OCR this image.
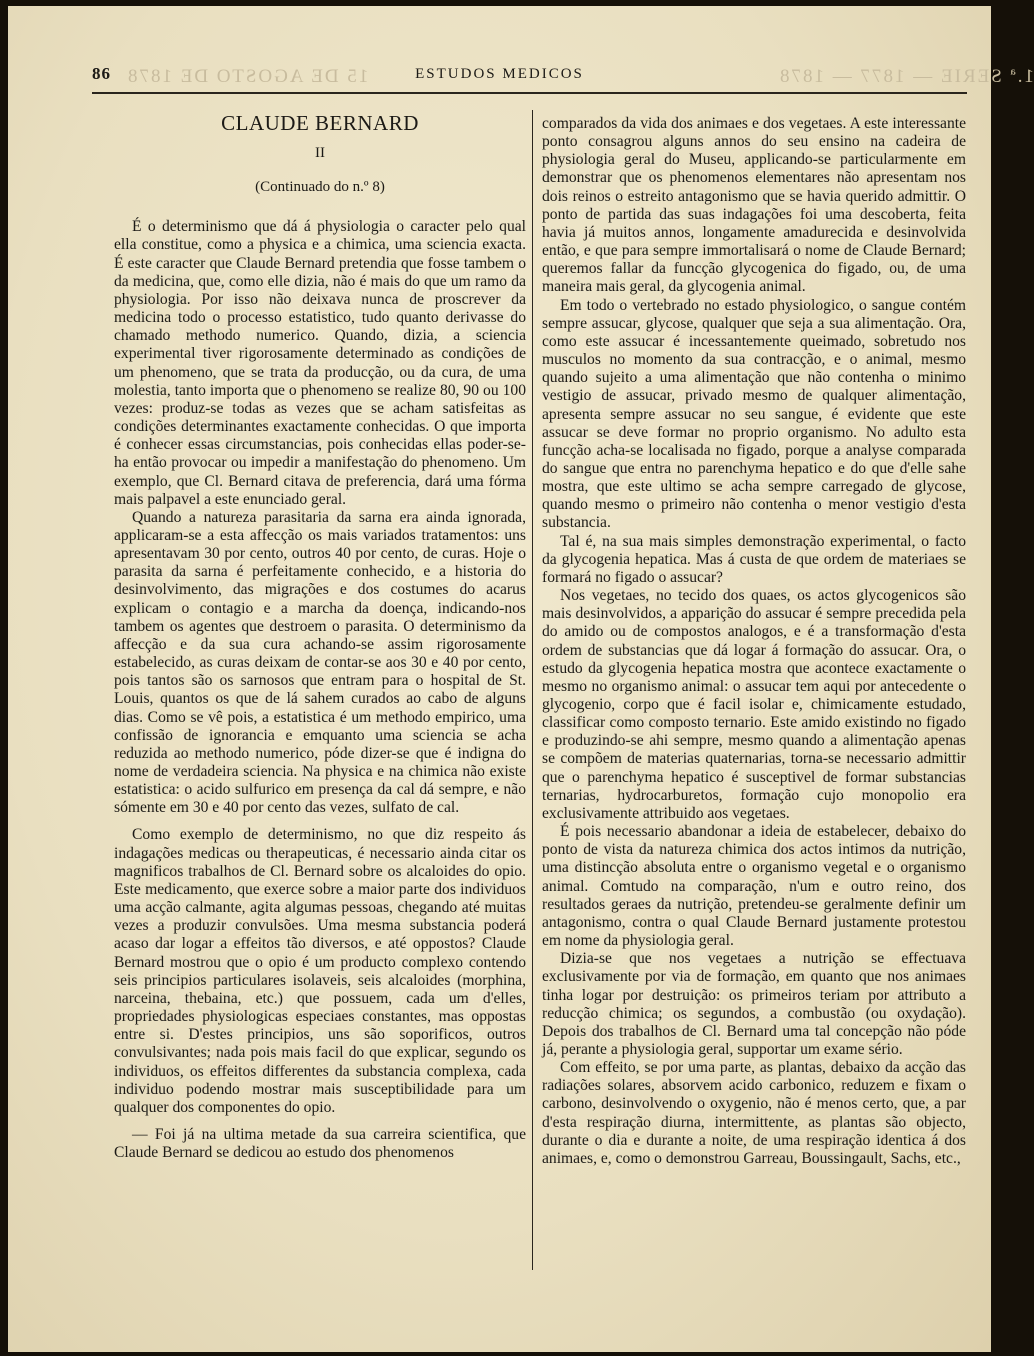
15 DE AGOSTO DE 1878	1.ª SERIE — 1877 — 1878
86	ESTUDOS MEDICOS
CLAUDE BERNARD
II
(Continuado do n.º 8)

É o determinismo que dá á physiologia o caracter pelo qual ella constitue, como a physica e a chimica, uma sciencia exacta. É este caracter que Claude Bernard pretendia que fosse tambem o da medicina, que, como elle dizia, não é mais do que um ramo da physiologia. Por isso não deixava nunca de proscrever da medicina todo o processo estatistico, tudo quanto derivasse do chamado methodo numerico. Quando, dizia, a sciencia experimental tiver rigorosamente determinado as condições de um phenomeno, que se trata da producção, ou da cura, de uma molestia, tanto importa que o phenomeno se realize 80, 90 ou 100 vezes: produz-se todas as vezes que se acham satisfeitas as condições determinantes exactamente conhecidas. O que importa é conhecer essas circumstancias, pois conhecidas ellas poder-se-ha então provocar ou impedir a manifestação do phenomeno. Um exemplo, que Cl. Bernard citava de preferencia, dará uma fórma mais palpavel a este enunciado geral.

Quando a natureza parasitaria da sarna era ainda ignorada, applicaram-se a esta affecção os mais variados tratamentos: uns apresentavam 30 por cento, outros 40 por cento, de curas. Hoje o parasita da sarna é perfeitamente conhecido, e a historia do desinvolvimento, das migrações e dos costumes do acarus explicam o contagio e a marcha da doença, indicando-nos tambem os agentes que destroem o parasita. O determinismo da affecção e da sua cura achando-se assim rigorosamente estabelecido, as curas deixam de contar-se aos 30 e 40 por cento, pois tantos são os sarnosos que entram para o hospital de St. Louis, quantos os que de lá sahem curados ao cabo de alguns dias. Como se vê pois, a estatistica é um methodo empirico, uma confissão de ignorancia e emquanto uma sciencia se acha reduzida ao methodo numerico, póde dizer-se que é indigna do nome de verdadeira sciencia. Na physica e na chimica não existe estatistica: o acido sulfurico em presença da cal dá sempre, e não sómente em 30 e 40 por cento das vezes, sulfato de cal.

Como exemplo de determinismo, no que diz respeito ás indagações medicas ou therapeuticas, é necessario ainda citar os magnificos trabalhos de Cl. Bernard sobre os alcaloides do opio. Este medicamento, que exerce sobre a maior parte dos individuos uma acção calmante, agita algumas pessoas, chegando até muitas vezes a produzir convulsões. Uma mesma substancia poderá acaso dar logar a effeitos tão diversos, e até oppostos? Claude Bernard mostrou que o opio é um producto complexo contendo seis principios particulares isolaveis, seis alcaloides (morphina, narceina, thebaina, etc.) que possuem, cada um d'elles, propriedades physiologicas especiaes constantes, mas oppostas entre si. D'estes principios, uns são soporificos, outros convulsivantes; nada pois mais facil do que explicar, segundo os individuos, os effeitos differentes da substancia complexa, cada individuo podendo mostrar mais susceptibilidade para um qualquer dos componentes do opio.

— Foi já na ultima metade da sua carreira scientifica, que Claude Bernard se dedicou ao estudo dos phenomenos

comparados da vida dos animaes e dos vegetaes. A este interessante ponto consagrou alguns annos do seu ensino na cadeira de physiologia geral do Museu, applicando-se particularmente em demonstrar que os phenomenos elementares não apresentam nos dois reinos o estreito antagonismo que se havia querido admittir. O ponto de partida das suas indagações foi uma descoberta, feita havia já muitos annos, longamente amadurecida e desinvolvida então, e que para sempre immortalisará o nome de Claude Bernard; queremos fallar da funcção glycogenica do figado, ou, de uma maneira mais geral, da glycogenia animal.

Em todo o vertebrado no estado physiologico, o sangue contém sempre assucar, glycose, qualquer que seja a sua alimentação. Ora, como este assucar é incessantemente queimado, sobretudo nos musculos no momento da sua contracção, e o animal, mesmo quando sujeito a uma alimentação que não contenha o minimo vestigio de assucar, privado mesmo de qualquer alimentação, apresenta sempre assucar no seu sangue, é evidente que este assucar se deve formar no proprio organismo. No adulto esta funcção acha-se localisada no figado, porque a analyse comparada do sangue que entra no parenchyma hepatico e do que d'elle sahe mostra, que este ultimo se acha sempre carregado de glycose, quando mesmo o primeiro não contenha o menor vestigio d'esta substancia.

Tal é, na sua mais simples demonstração experimental, o facto da glycogenia hepatica. Mas á custa de que ordem de materiaes se formará no figado o assucar?

Nos vegetaes, no tecido dos quaes, os actos glycogenicos são mais desinvolvidos, a apparição do assucar é sempre precedida pela do amido ou de compostos analogos, e é a transformação d'esta ordem de substancias que dá logar á formação do assucar. Ora, o estudo da glycogenia hepatica mostra que acontece exactamente o mesmo no organismo animal: o assucar tem aqui por antecedente o glycogenio, corpo que é facil isolar e, chimicamente estudado, classificar como composto ternario. Este amido existindo no figado e produzindo-se ahi sempre, mesmo quando a alimentação apenas se compõem de materias quaternarias, torna-se necessario admittir que o parenchyma hepatico é susceptivel de formar substancias ternarias, hydrocarburetos, formação cujo monopolio era exclusivamente attribuido aos vegetaes.

É pois necessario abandonar a ideia de estabelecer, debaixo do ponto de vista da natureza chimica dos actos intimos da nutrição, uma distincção absoluta entre o organismo vegetal e o organismo animal. Comtudo na comparação, n'um e outro reino, dos resultados geraes da nutrição, pretendeu-se geralmente definir um antagonismo, contra o qual Claude Bernard justamente protestou em nome da physiologia geral.

Dizia-se que nos vegetaes a nutrição se effectuava exclusivamente por via de formação, em quanto que nos animaes tinha logar por destruição: os primeiros teriam por attributo a reducção chimica; os segundos, a combustão (ou oxydação). Depois dos trabalhos de Cl. Bernard uma tal concepção não póde já, perante a physiologia geral, supportar um exame sério.

Com effeito, se por uma parte, as plantas, debaixo da acção das radiações solares, absorvem acido carbonico, reduzem e fixam o carbono, desinvolvendo o oxygenio, não é menos certo, que, a par d'esta respiração diurna, intermittente, as plantas são objecto, durante o dia e durante a noite, de uma respiração identica á dos animaes, e, como o demonstrou Garreau, Boussingault, Sachs, etc.,
